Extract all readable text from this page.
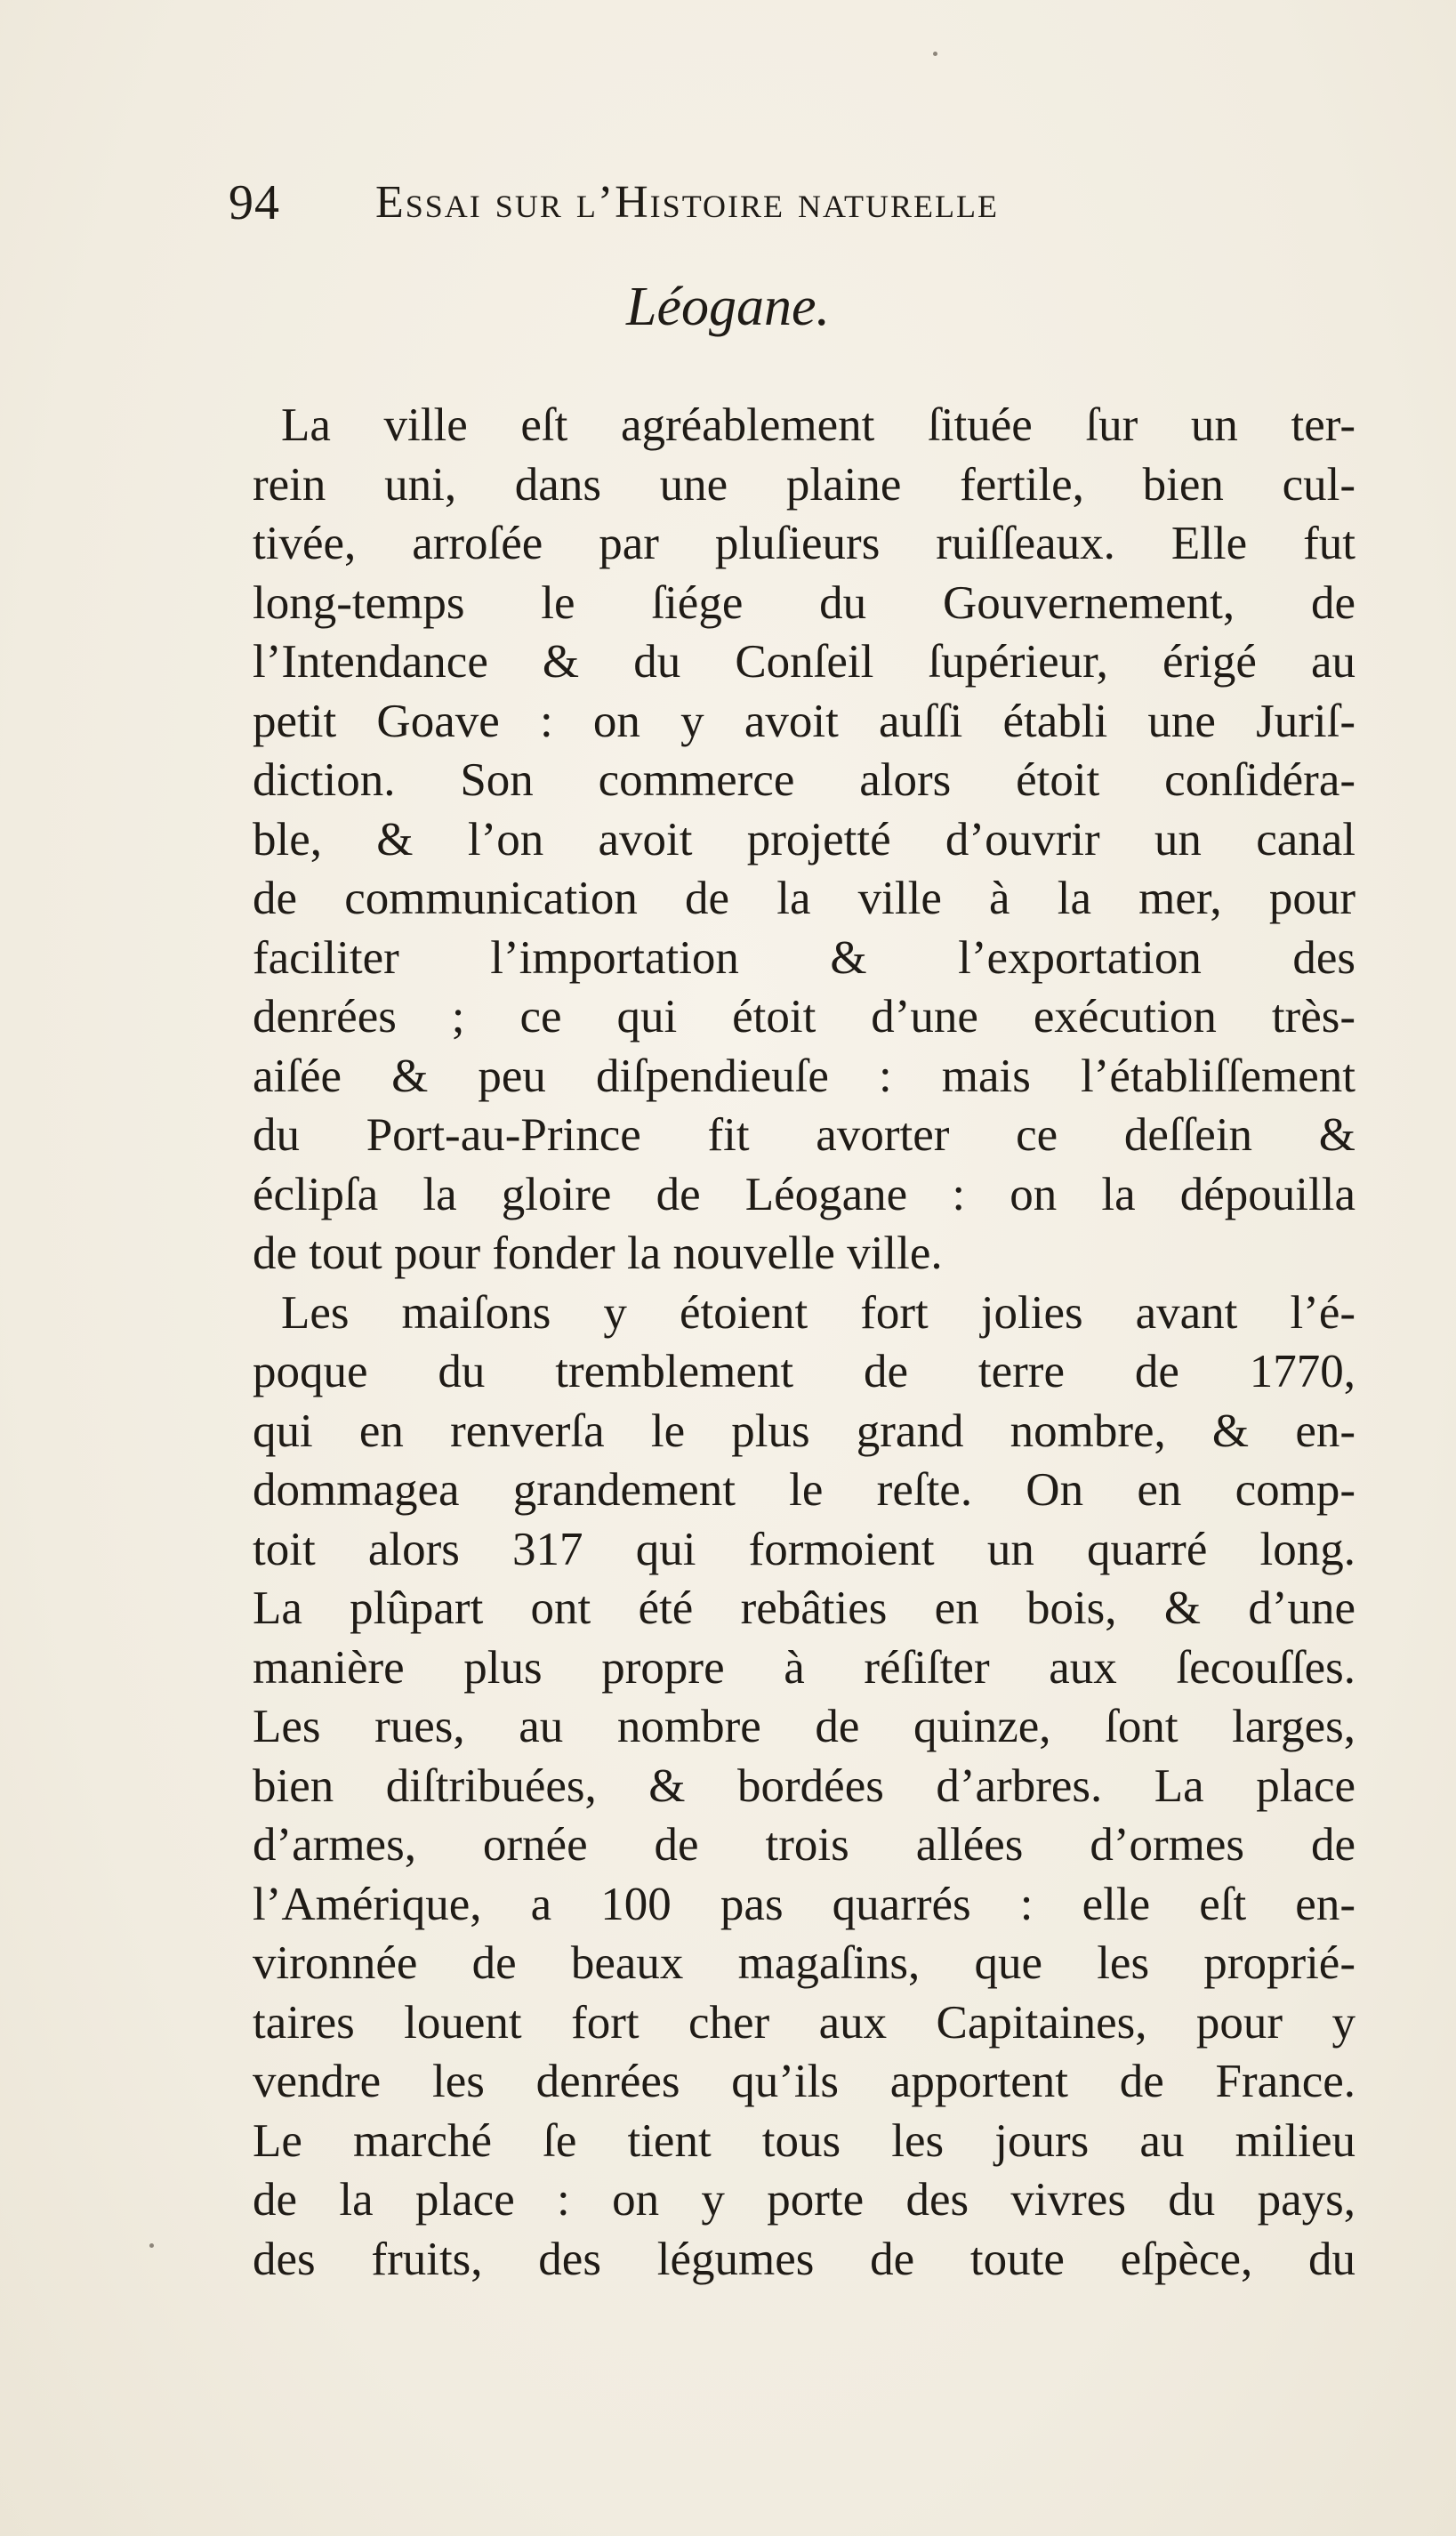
94 Essai sur l’Histoire naturelle
Léogane.
La ville eſt agréablement ſituée ſur un ter-
rein uni, dans une plaine fertile, bien cul-
tivée, arroſée par pluſieurs ruiſſeaux. Elle fut
long-temps le ſiége du Gouvernement, de
l’Intendance & du Conſeil ſupérieur, érigé au
petit Goave : on y avoit auſſi établi une Juriſ-
diction. Son commerce alors étoit conſidéra-
ble, & l’on avoit projetté d’ouvrir un canal
de communication de la ville à la mer, pour
faciliter l’importation & l’exportation des
denrées ; ce qui étoit d’une exécution très-
aiſée & peu diſpendieuſe : mais l’établiſſement
du Port-au-Prince fit avorter ce deſſein &
éclipſa la gloire de Léogane : on la dépouilla
de tout pour fonder la nouvelle ville.
Les maiſons y étoient fort jolies avant l’é-
poque du tremblement de terre de 1770,
qui en renverſa le plus grand nombre, & en-
dommagea grandement le reſte. On en comp-
toit alors 317 qui formoient un quarré long.
La plûpart ont été rebâties en bois, & d’une
manière plus propre à réſiſter aux ſecouſſes.
Les rues, au nombre de quinze, ſont larges,
bien diſtribuées, & bordées d’arbres. La place
d’armes, ornée de trois allées d’ormes de
l’Amérique, a 100 pas quarrés : elle eſt en-
vironnée de beaux magaſins, que les proprié-
taires louent fort cher aux Capitaines, pour y
vendre les denrées qu’ils apportent de France.
Le marché ſe tient tous les jours au milieu
de la place : on y porte des vivres du pays,
des fruits, des légumes de toute eſpèce, du
